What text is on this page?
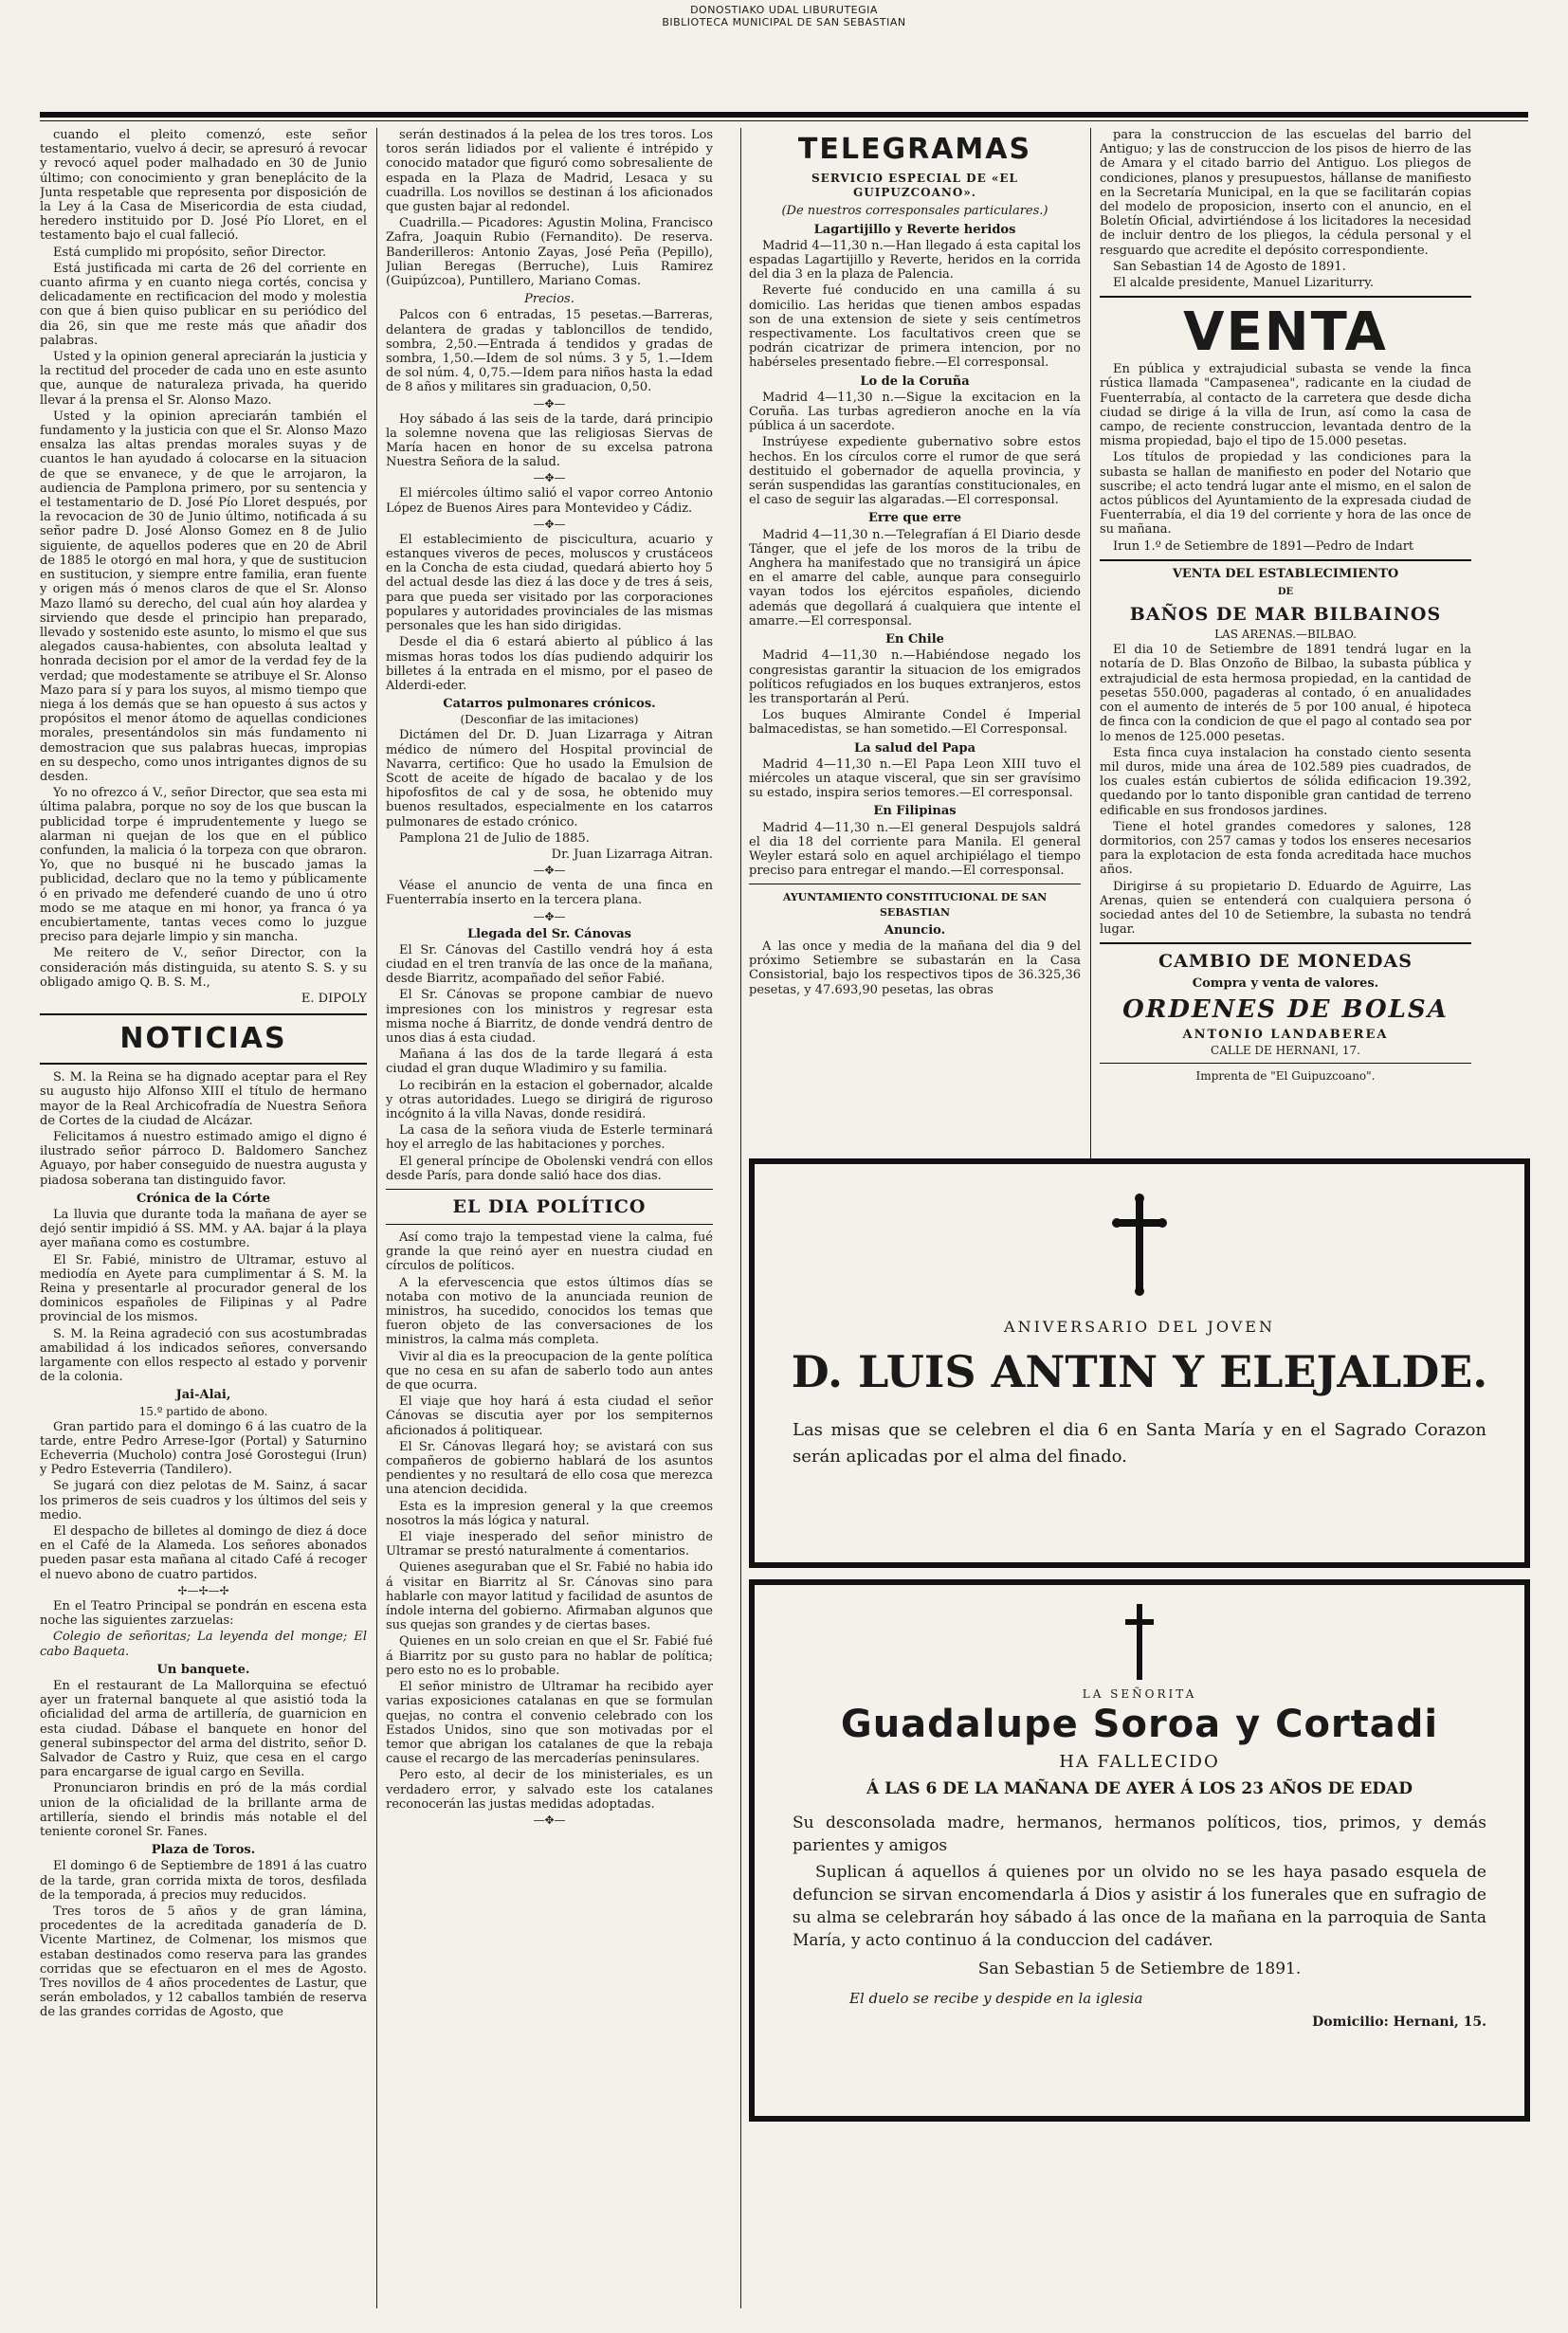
DONOSTIAKO UDAL LIBURUTEGIA
BIBLIOTECA MUNICIPAL DE SAN SEBASTIAN

cuando el pleito comenzó, este señor testamentario, vuelvo á decir, se apresuró á revocar y revocó aquel poder malhadado en 30 de Junio último; con conocimiento y gran beneplácito de la Junta respetable que representa por disposición de la Ley á la Casa de Misericordia de esta ciudad, heredero instituido por D. José Pío Lloret, en el testamento bajo el cual falleció.

Está cumplido mi propósito, señor Director.

Está justificada mi carta de 26 del corriente en cuanto afirma y en cuanto niega cortés, concisa y delicadamente en rectificacion del modo y molestia con que á bien quiso publicar en su periódico del dia 26, sin que me reste más que añadir dos palabras.

Usted y la opinion general apreciarán la justicia y la rectitud del proceder de cada uno en este asunto que, aunque de naturaleza privada, ha querido llevar á la prensa el Sr. Alonso Mazo.

Usted y la opinion apreciarán también el fundamento y la justicia con que el Sr. Alonso Mazo ensalza las altas prendas morales suyas y de cuantos le han ayudado á colocarse en la situacion de que se envanece, y de que le arrojaron, la audiencia de Pamplona primero, por su sentencia y el testamentario de D. José Pío Lloret después, por la revocacion de 30 de Junio último, notificada á su señor padre D. José Alonso Gomez en 8 de Julio siguiente, de aquellos poderes que en 20 de Abril de 1885 le otorgó en mal hora, y que de sustitucion en sustitucion, y siempre entre familia, eran fuente y origen más ó menos claros de que el Sr. Alonso Mazo llamó su derecho, del cual aún hoy alardea y sirviendo que desde el principio han preparado, llevado y sostenido este asunto, lo mismo el que sus alegados causa-habientes, con absoluta lealtad y honrada decision por el amor de la verdad fey de la verdad; que modestamente se atribuye el Sr. Alonso Mazo para sí y para los suyos, al mismo tiempo que niega á los demás que se han opuesto á sus actos y propósitos el menor átomo de aquellas condiciones morales, presentándolos sin más fundamento ni demostracion que sus palabras huecas, impropias en su despecho, como unos intrigantes dignos de su desden.

Yo no ofrezco á V., señor Director, que sea esta mi última palabra, porque no soy de los que buscan la publicidad torpe é imprudentemente y luego se alarman ni quejan de los que en el público confunden, la malicia ó la torpeza con que obraron. Yo, que no busqué ni he buscado jamas la publicidad, declaro que no la temo y públicamente ó en privado me defenderé cuando de uno ú otro modo se me ataque en mi honor, ya franca ó ya encubiertamente, tantas veces como lo juzgue preciso para dejarle limpio y sin mancha.

Me reitero de V., señor Director, con la consideración más distinguida, su atento S. S. y su obligado amigo Q. B. S. M.,

E. DIPOLY

NOTICIAS

S. M. la Reina se ha dignado aceptar para el Rey su augusto hijo Alfonso XIII el título de hermano mayor de la Real Archicofradía de Nuestra Señora de Cortes de la ciudad de Alcázar.

Felicitamos á nuestro estimado amigo el digno é ilustrado señor párroco D. Baldomero Sanchez Aguayo, por haber conseguido de nuestra augusta y piadosa soberana tan distinguido favor.

Crónica de la Córte

La lluvia que durante toda la mañana de ayer se dejó sentir impidió á SS. MM. y AA. bajar á la playa ayer mañana como es costumbre.

El Sr. Fabié, ministro de Ultramar, estuvo al mediodía en Ayete para cumplimentar á S. M. la Reina y presentarle al procurador general de los dominicos españoles de Filipinas y al Padre provincial de los mismos.

S. M. la Reina agradeció con sus acostumbradas amabilidad á los indicados señores, conversando largamente con ellos respecto al estado y porvenir de la colonia.

Jai-Alai,
15.º partido de abono.

Gran partido para el domingo 6 á las cuatro de la tarde, entre Pedro Arrese-Igor (Portal) y Saturnino Echeverria (Mucholo) contra José Gorostegui (Irun) y Pedro Esteverria (Tandilero).

Se jugará con diez pelotas de M. Sainz, á sacar los primeros de seis cuadros y los últimos del seis y medio.

El despacho de billetes al domingo de diez á doce en el Café de la Alameda. Los señores abonados pueden pasar esta mañana al citado Café á recoger el nuevo abono de cuatro partidos.

✢—✢—✢

En el Teatro Principal se pondrán en escena esta noche las siguientes zarzuelas:

Colegio de señoritas; La leyenda del monge; El cabo Baqueta.

Un banquete.

En el restaurant de La Mallorquina se efectuó ayer un fraternal banquete al que asistió toda la oficialidad del arma de artillería, de guarnicion en esta ciudad. Dábase el banquete en honor del general subinspector del arma del distrito, señor D. Salvador de Castro y Ruiz, que cesa en el cargo para encargarse de igual cargo en Sevilla.

Pronunciaron brindis en pró de la más cordial union de la oficialidad de la brillante arma de artillería, siendo el brindis más notable el del teniente coronel Sr. Fanes.

Plaza de Toros.

El domingo 6 de Septiembre de 1891 á las cuatro de la tarde, gran corrida mixta de toros, desfilada de la temporada, á precios muy reducidos.

Tres toros de 5 años y de gran lámina, procedentes de la acreditada ganadería de D. Vicente Martinez, de Colmenar, los mismos que estaban destinados como reserva para las grandes corridas que se efectuaron en el mes de Agosto. Tres novillos de 4 años procedentes de Lastur, que serán embolados, y 12 caballos también de reserva de las grandes corridas de Agosto, que

serán destinados á la pelea de los tres toros. Los toros serán lidiados por el valiente é intrépido y conocido matador que figuró como sobresaliente de espada en la Plaza de Madrid, Lesaca y su cuadrilla. Los novillos se destinan á los aficionados que gusten bajar al redondel.

Cuadrilla.— Picadores: Agustin Molina, Francisco Zafra, Joaquin Rubio (Fernandito). De reserva. Banderilleros: Antonio Zayas, José Peña (Pepillo), Julian Beregas (Berruche), Luis Ramirez (Guipúzcoa), Puntillero, Mariano Comas.

Precios.

Palcos con 6 entradas, 15 pesetas.—Barreras, delantera de gradas y tabloncillos de tendido, sombra, 2,50.—Entrada á tendidos y gradas de sombra, 1,50.—Idem de sol núms. 3 y 5, 1.—Idem de sol núm. 4, 0,75.—Idem para niños hasta la edad de 8 años y militares sin graduacion, 0,50.

—✥—

Hoy sábado á las seis de la tarde, dará principio la solemne novena que las religiosas Siervas de María hacen en honor de su excelsa patrona Nuestra Señora de la salud.

—✥—

El miércoles último salió el vapor correo Antonio López de Buenos Aires para Montevideo y Cádiz.

—✥—

El establecimiento de piscicultura, acuario y estanques viveros de peces, moluscos y crustáceos en la Concha de esta ciudad, quedará abierto hoy 5 del actual desde las diez á las doce y de tres á seis, para que pueda ser visitado por las corporaciones populares y autoridades provinciales de las mismas personales que les han sido dirigidas.

Desde el dia 6 estará abierto al público á las mismas horas todos los días pudiendo adquirir los billetes á la entrada en el mismo, por el paseo de Alderdi-eder.

Catarros pulmonares crónicos.
(Desconfiar de las imitaciones)

Dictámen del Dr. D. Juan Lizarraga y Aitran médico de número del Hospital provincial de Navarra, certifico: Que ho usado la Emulsion de Scott de aceite de hígado de bacalao y de los hipofosfitos de cal y de sosa, he obtenido muy buenos resultados, especialmente en los catarros pulmonares de estado crónico.

Pamplona 21 de Julio de 1885.

Dr. Juan Lizarraga Aitran.

—✥—

Véase el anuncio de venta de una finca en Fuenterrabía inserto en la tercera plana.

—✥—
Llegada del Sr. Cánovas

El Sr. Cánovas del Castillo vendrá hoy á esta ciudad en el tren tranvía de las once de la mañana, desde Biarritz, acompañado del señor Fabié.

El Sr. Cánovas se propone cambiar de nuevo impresiones con los ministros y regresar esta misma noche á Biarritz, de donde vendrá dentro de unos dias á esta ciudad.

Mañana á las dos de la tarde llegará á esta ciudad el gran duque Wladimiro y su familia.

Lo recibirán en la estacion el gobernador, alcalde y otras autoridades. Luego se dirigirá de riguroso incógnito á la villa Navas, donde residirá.

La casa de la señora viuda de Esterle terminará hoy el arreglo de las habitaciones y porches.

El general príncipe de Obolenski vendrá con ellos desde París, para donde salió hace dos dias.

EL DIA POLÍTICO

Así como trajo la tempestad viene la calma, fué grande la que reinó ayer en nuestra ciudad en círculos de políticos.

A la efervescencia que estos últimos días se notaba con motivo de la anunciada reunion de ministros, ha sucedido, conocidos los temas que fueron objeto de las conversaciones de los ministros, la calma más completa.

Vivir al dia es la preocupacion de la gente política que no cesa en su afan de saberlo todo aun antes de que ocurra.

El viaje que hoy hará á esta ciudad el señor Cánovas se discutia ayer por los sempiternos aficionados á politiquear.

El Sr. Cánovas llegará hoy; se avistará con sus compañeros de gobierno hablará de los asuntos pendientes y no resultará de ello cosa que merezca una atencion decidida.

Esta es la impresion general y la que creemos nosotros la más lógica y natural.

El viaje inesperado del señor ministro de Ultramar se prestó naturalmente á comentarios.

Quienes aseguraban que el Sr. Fabié no habia ido á visitar en Biarritz al Sr. Cánovas sino para hablarle con mayor latitud y facilidad de asuntos de índole interna del gobierno. Afirmaban algunos que sus quejas son grandes y de ciertas bases.

Quienes en un solo creian en que el Sr. Fabié fué á Biarritz por su gusto para no hablar de política; pero esto no es lo probable.

El señor ministro de Ultramar ha recibido ayer varias exposiciones catalanas en que se formulan quejas, no contra el convenio celebrado con los Estados Unidos, sino que son motivadas por el temor que abrigan los catalanes de que la rebaja cause el recargo de las mercaderías peninsulares.

Pero esto, al decir de los ministeriales, es un verdadero error, y salvado este los catalanes reconocerán las justas medidas adoptadas.

—✥—
TELEGRAMAS
SERVICIO ESPECIAL DE «EL GUIPUZCOANO».
(De nuestros corresponsales particulares.)
Lagartijillo y Reverte heridos

Madrid 4—11,30 n.—Han llegado á esta capital los espadas Lagartijillo y Reverte, heridos en la corrida del dia 3 en la plaza de Palencia.

Reverte fué conducido en una camilla á su domicilio. Las heridas que tienen ambos espadas son de una extension de siete y seis centímetros respectivamente. Los facultativos creen que se podrán cicatrizar de primera intencion, por no habérseles presentado fiebre.—El corresponsal.

Lo de la Coruña

Madrid 4—11,30 n.—Sigue la excitacion en la Coruña. Las turbas agredieron anoche en la vía pública á un sacerdote.

Instrúyese expediente gubernativo sobre estos hechos. En los círculos corre el rumor de que será destituido el gobernador de aquella provincia, y serán suspendidas las garantías constitucionales, en el caso de seguir las algaradas.—El corresponsal.

Erre que erre

Madrid 4—11,30 n.—Telegrafían á El Diario desde Tánger, que el jefe de los moros de la tribu de Anghera ha manifestado que no transigirá un ápice en el amarre del cable, aunque para conseguirlo vayan todos los ejércitos españoles, diciendo además que degollará á cualquiera que intente el amarre.—El corresponsal.

En Chile

Madrid 4—11,30 n.—Habiéndose negado los congresistas garantir la situacion de los emigrados políticos refugiados en los buques extranjeros, estos les transportarán al Perú.

Los buques Almirante Condel é Imperial balmacedistas, se han sometido.—El Corresponsal.

La salud del Papa

Madrid 4—11,30 n.—El Papa Leon XIII tuvo el miércoles un ataque visceral, que sin ser gravísimo su estado, inspira serios temores.—El corresponsal.

En Filipinas

Madrid 4—11,30 n.—El general Despujols saldrá el dia 18 del corriente para Manila. El general Weyler estará solo en aquel archipiélago el tiempo preciso para entregar el mando.—El corresponsal.

AYUNTAMIENTO CONSTITUCIONAL DE SAN SEBASTIAN
Anuncio.

A las once y media de la mañana del dia 9 del próximo Setiembre se subastarán en la Casa Consistorial, bajo los respectivos tipos de 36.325,36 pesetas, y 47.693,90 pesetas, las obras

para la construccion de las escuelas del barrio del Antiguo; y las de construccion de los pisos de hierro de las de Amara y el citado barrio del Antiguo. Los pliegos de condiciones, planos y presupuestos, hállanse de manifiesto en la Secretaría Municipal, en la que se facilitarán copias del modelo de proposicion, inserto con el anuncio, en el Boletín Oficial, advirtiéndose á los licitadores la necesidad de incluir dentro de los pliegos, la cédula personal y el resguardo que acredite el depósito correspondiente.

San Sebastian 14 de Agosto de 1891.

El alcalde presidente, Manuel Lizariturry.

VENTA

En pública y extrajudicial subasta se vende la finca rústica llamada "Campasenea", radicante en la ciudad de Fuenterrabía, al contacto de la carretera que desde dicha ciudad se dirige á la villa de Irun, así como la casa de campo, de reciente construccion, levantada dentro de la misma propiedad, bajo el tipo de 15.000 pesetas.

Los títulos de propiedad y las condiciones para la subasta se hallan de manifiesto en poder del Notario que suscribe; el acto tendrá lugar ante el mismo, en el salon de actos públicos del Ayuntamiento de la expresada ciudad de Fuenterrabía, el dia 19 del corriente y hora de las once de su mañana.

Irun 1.º de Setiembre de 1891—Pedro de Indart

VENTA DEL ESTABLECIMIENTO
DE
BAÑOS DE MAR BILBAINOS
LAS ARENAS.—BILBAO.

El dia 10 de Setiembre de 1891 tendrá lugar en la notaría de D. Blas Onzoño de Bilbao, la subasta pública y extrajudicial de esta hermosa propiedad, en la cantidad de pesetas 550.000, pagaderas al contado, ó en anualidades con el aumento de interés de 5 por 100 anual, é hipoteca de finca con la condicion de que el pago al contado sea por lo menos de 125.000 pesetas.

Esta finca cuya instalacion ha constado ciento sesenta mil duros, mide una área de 102.589 pies cuadrados, de los cuales están cubiertos de sólida edificacion 19.392, quedando por lo tanto disponible gran cantidad de terreno edificable en sus frondosos jardines.

Tiene el hotel grandes comedores y salones, 128 dormitorios, con 257 camas y todos los enseres necesarios para la explotacion de esta fonda acreditada hace muchos años.

Dirigirse á su propietario D. Eduardo de Aguirre, Las Arenas, quien se entenderá con cualquiera persona ó sociedad antes del 10 de Setiembre, la subasta no tendrá lugar.

CAMBIO DE MONEDAS
Compra y venta de valores.
ORDENES DE BOLSA
ANTONIO LANDABEREA
CALLE DE HERNANI, 17.
Imprenta de "El Guipuzcoano".
ANIVERSARIO DEL JOVEN
D. LUIS ANTIN Y ELEJALDE.
Las misas que se celebren el dia 6 en Santa María y en el Sagrado Corazon serán aplicadas por el alma del finado.
LA SEÑORITA
Guadalupe Soroa y Cortadi
HA FALLECIDO
Á LAS 6 DE LA MAÑANA DE AYER Á LOS 23 AÑOS DE EDAD
Su desconsolada madre, hermanos, hermanos políticos, tios, primos, y demás parientes y amigos
Suplican á aquellos á quienes por un olvido no se les haya pasado esquela de defuncion se sirvan encomendarla á Dios y asistir á los funerales que en sufragio de su alma se celebrarán hoy sábado á las once de la mañana en la parroquia de Santa María, y acto continuo á la conduccion del cadáver.
San Sebastian 5 de Setiembre de 1891.
El duelo se recibe y despide en la iglesia
Domicilio: Hernani, 15.
